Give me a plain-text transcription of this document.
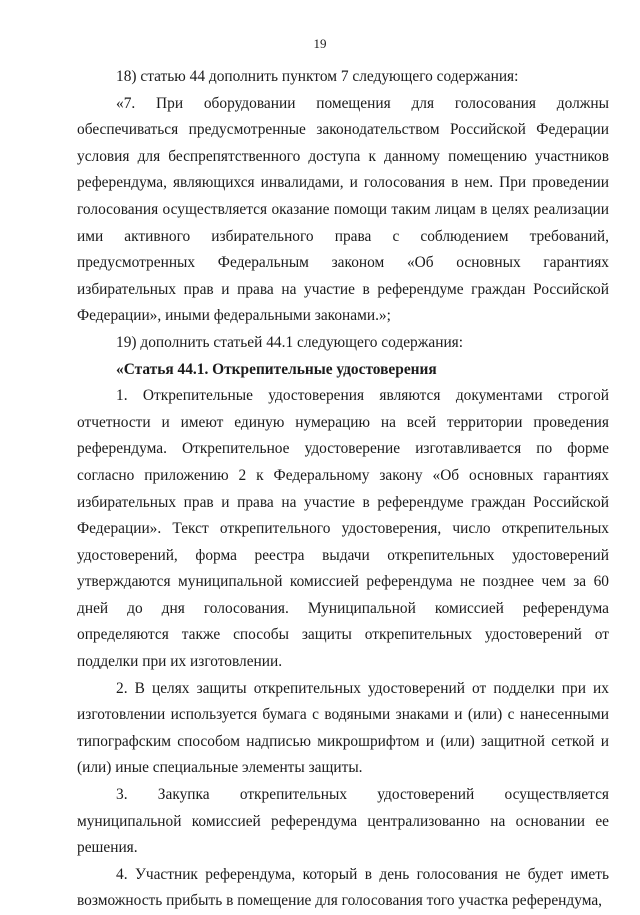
19

18) статью 44 дополнить пунктом 7 следующего содержания:

«7. При оборудовании помещения для голосования должны обеспечиваться предусмотренные законодательством Российской Федерации условия для беспрепятственного доступа к данному помещению участников референдума, являющихся инвалидами, и голосования в нем. При проведении голосования осуществляется оказание помощи таким лицам в целях реализации ими активного избирательного права с соблюдением требований, предусмотренных Федеральным законом «Об основных гарантиях избирательных прав и права на участие в референдуме граждан Российской Федерации», иными федеральными законами.»;

19) дополнить статьей 44.1 следующего содержания:

«Статья 44.1. Открепительные удостоверения

1. Открепительные удостоверения являются документами строгой отчетности и имеют единую нумерацию на всей территории проведения референдума. Открепительное удостоверение изготавливается по форме согласно приложению 2 к Федеральному закону «Об основных гарантиях избирательных прав и права на участие в референдуме граждан Российской Федерации». Текст открепительного удостоверения, число открепительных удостоверений, форма реестра выдачи открепительных удостоверений утверждаются муниципальной комиссией референдума не позднее чем за 60 дней до дня голосования. Муниципальной комиссией референдума определяются также способы защиты открепительных удостоверений от подделки при их изготовлении.

2. В целях защиты открепительных удостоверений от подделки при их изготовлении используется бумага с водяными знаками и (или) с нанесенными типографским способом надписью микрошрифтом и (или) защитной сеткой и (или) иные специальные элементы защиты.

3. Закупка открепительных удостоверений осуществляется муниципальной комиссией референдума централизованно на основании ее решения.

4. Участник референдума, который в день голосования не будет иметь возможность прибыть в помещение для голосования того участка референдума,
